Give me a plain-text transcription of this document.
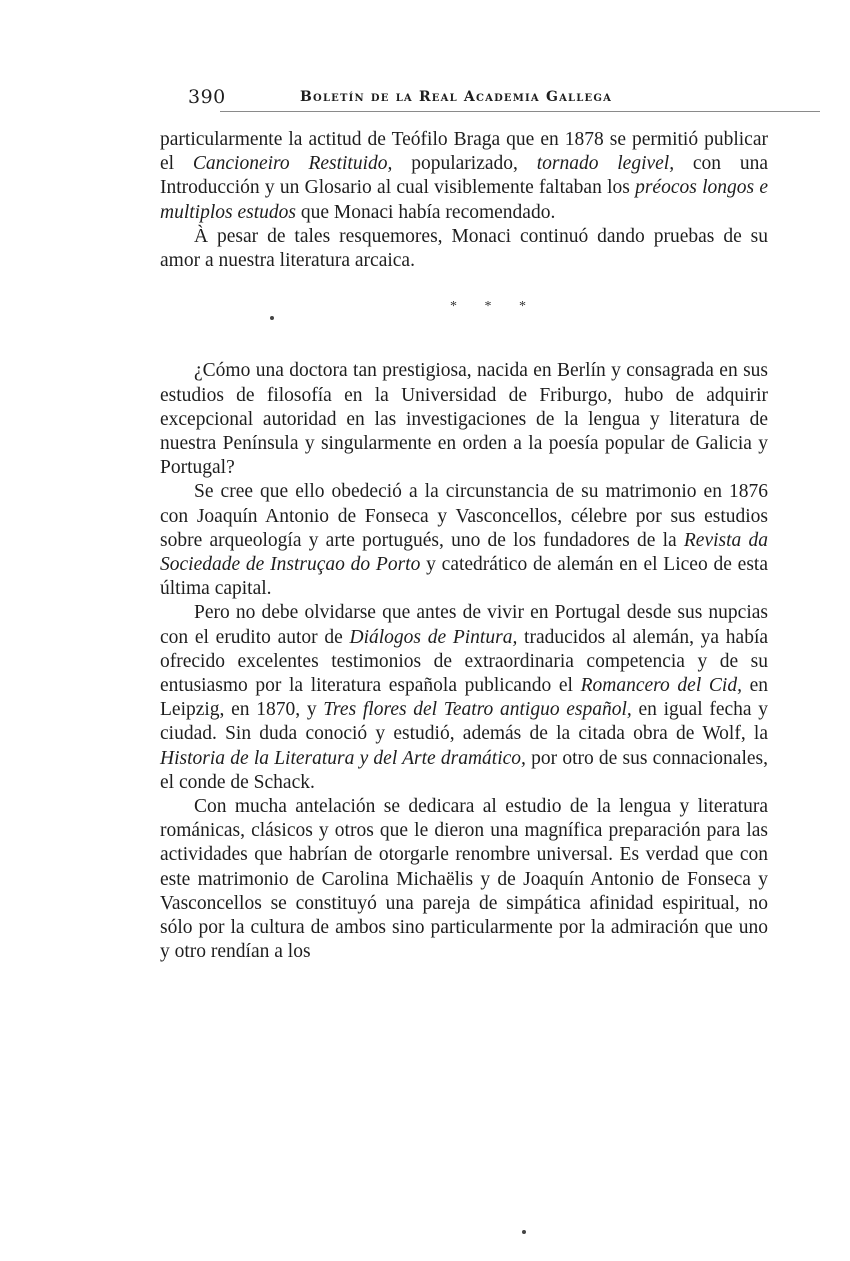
390	Boletín de la Real Academia Gallega

particularmente la actitud de Teófilo Braga que en 1878 se permitió publicar el Cancioneiro Restituido, popularizado, tornado legivel, con una Introducción y un Glosario al cual visiblemente faltaban los préocos longos e multiplos estudos que Monaci había recomendado.

À pesar de tales resquemores, Monaci continuó dando pruebas de su amor a nuestra literatura arcaica.

* * *

¿Cómo una doctora tan prestigiosa, nacida en Berlín y consagrada en sus estudios de filosofía en la Universidad de Friburgo, hubo de adquirir excepcional autoridad en las investigaciones de la lengua y literatura de nuestra Península y singularmente en orden a la poesía popular de Galicia y Portugal?

Se cree que ello obedeció a la circunstancia de su matrimonio en 1876 con Joaquín Antonio de Fonseca y Vasconcellos, célebre por sus estudios sobre arqueología y arte portugués, uno de los fundadores de la Revista da Sociedade de Instruçao do Porto y catedrático de alemán en el Liceo de esta última capital.

Pero no debe olvidarse que antes de vivir en Portugal desde sus nupcias con el erudito autor de Diálogos de Pintura, traducidos al alemán, ya había ofrecido excelentes testimonios de extraordinaria competencia y de su entusiasmo por la literatura española publicando el Romancero del Cid, en Leipzig, en 1870, y Tres flores del Teatro antiguo español, en igual fecha y ciudad. Sin duda conoció y estudió, además de la citada obra de Wolf, la Historia de la Literatura y del Arte dramático, por otro de sus connacionales, el conde de Schack.

Con mucha antelación se dedicara al estudio de la lengua y literatura románicas, clásicos y otros que le dieron una magnífica preparación para las actividades que habrían de otorgarle renombre universal. Es verdad que con este matrimonio de Carolina Michaëlis y de Joaquín Antonio de Fonseca y Vasconcellos se constituyó una pareja de simpática afinidad espiritual, no sólo por la cultura de ambos sino particularmente por la admiración que uno y otro rendían a los
